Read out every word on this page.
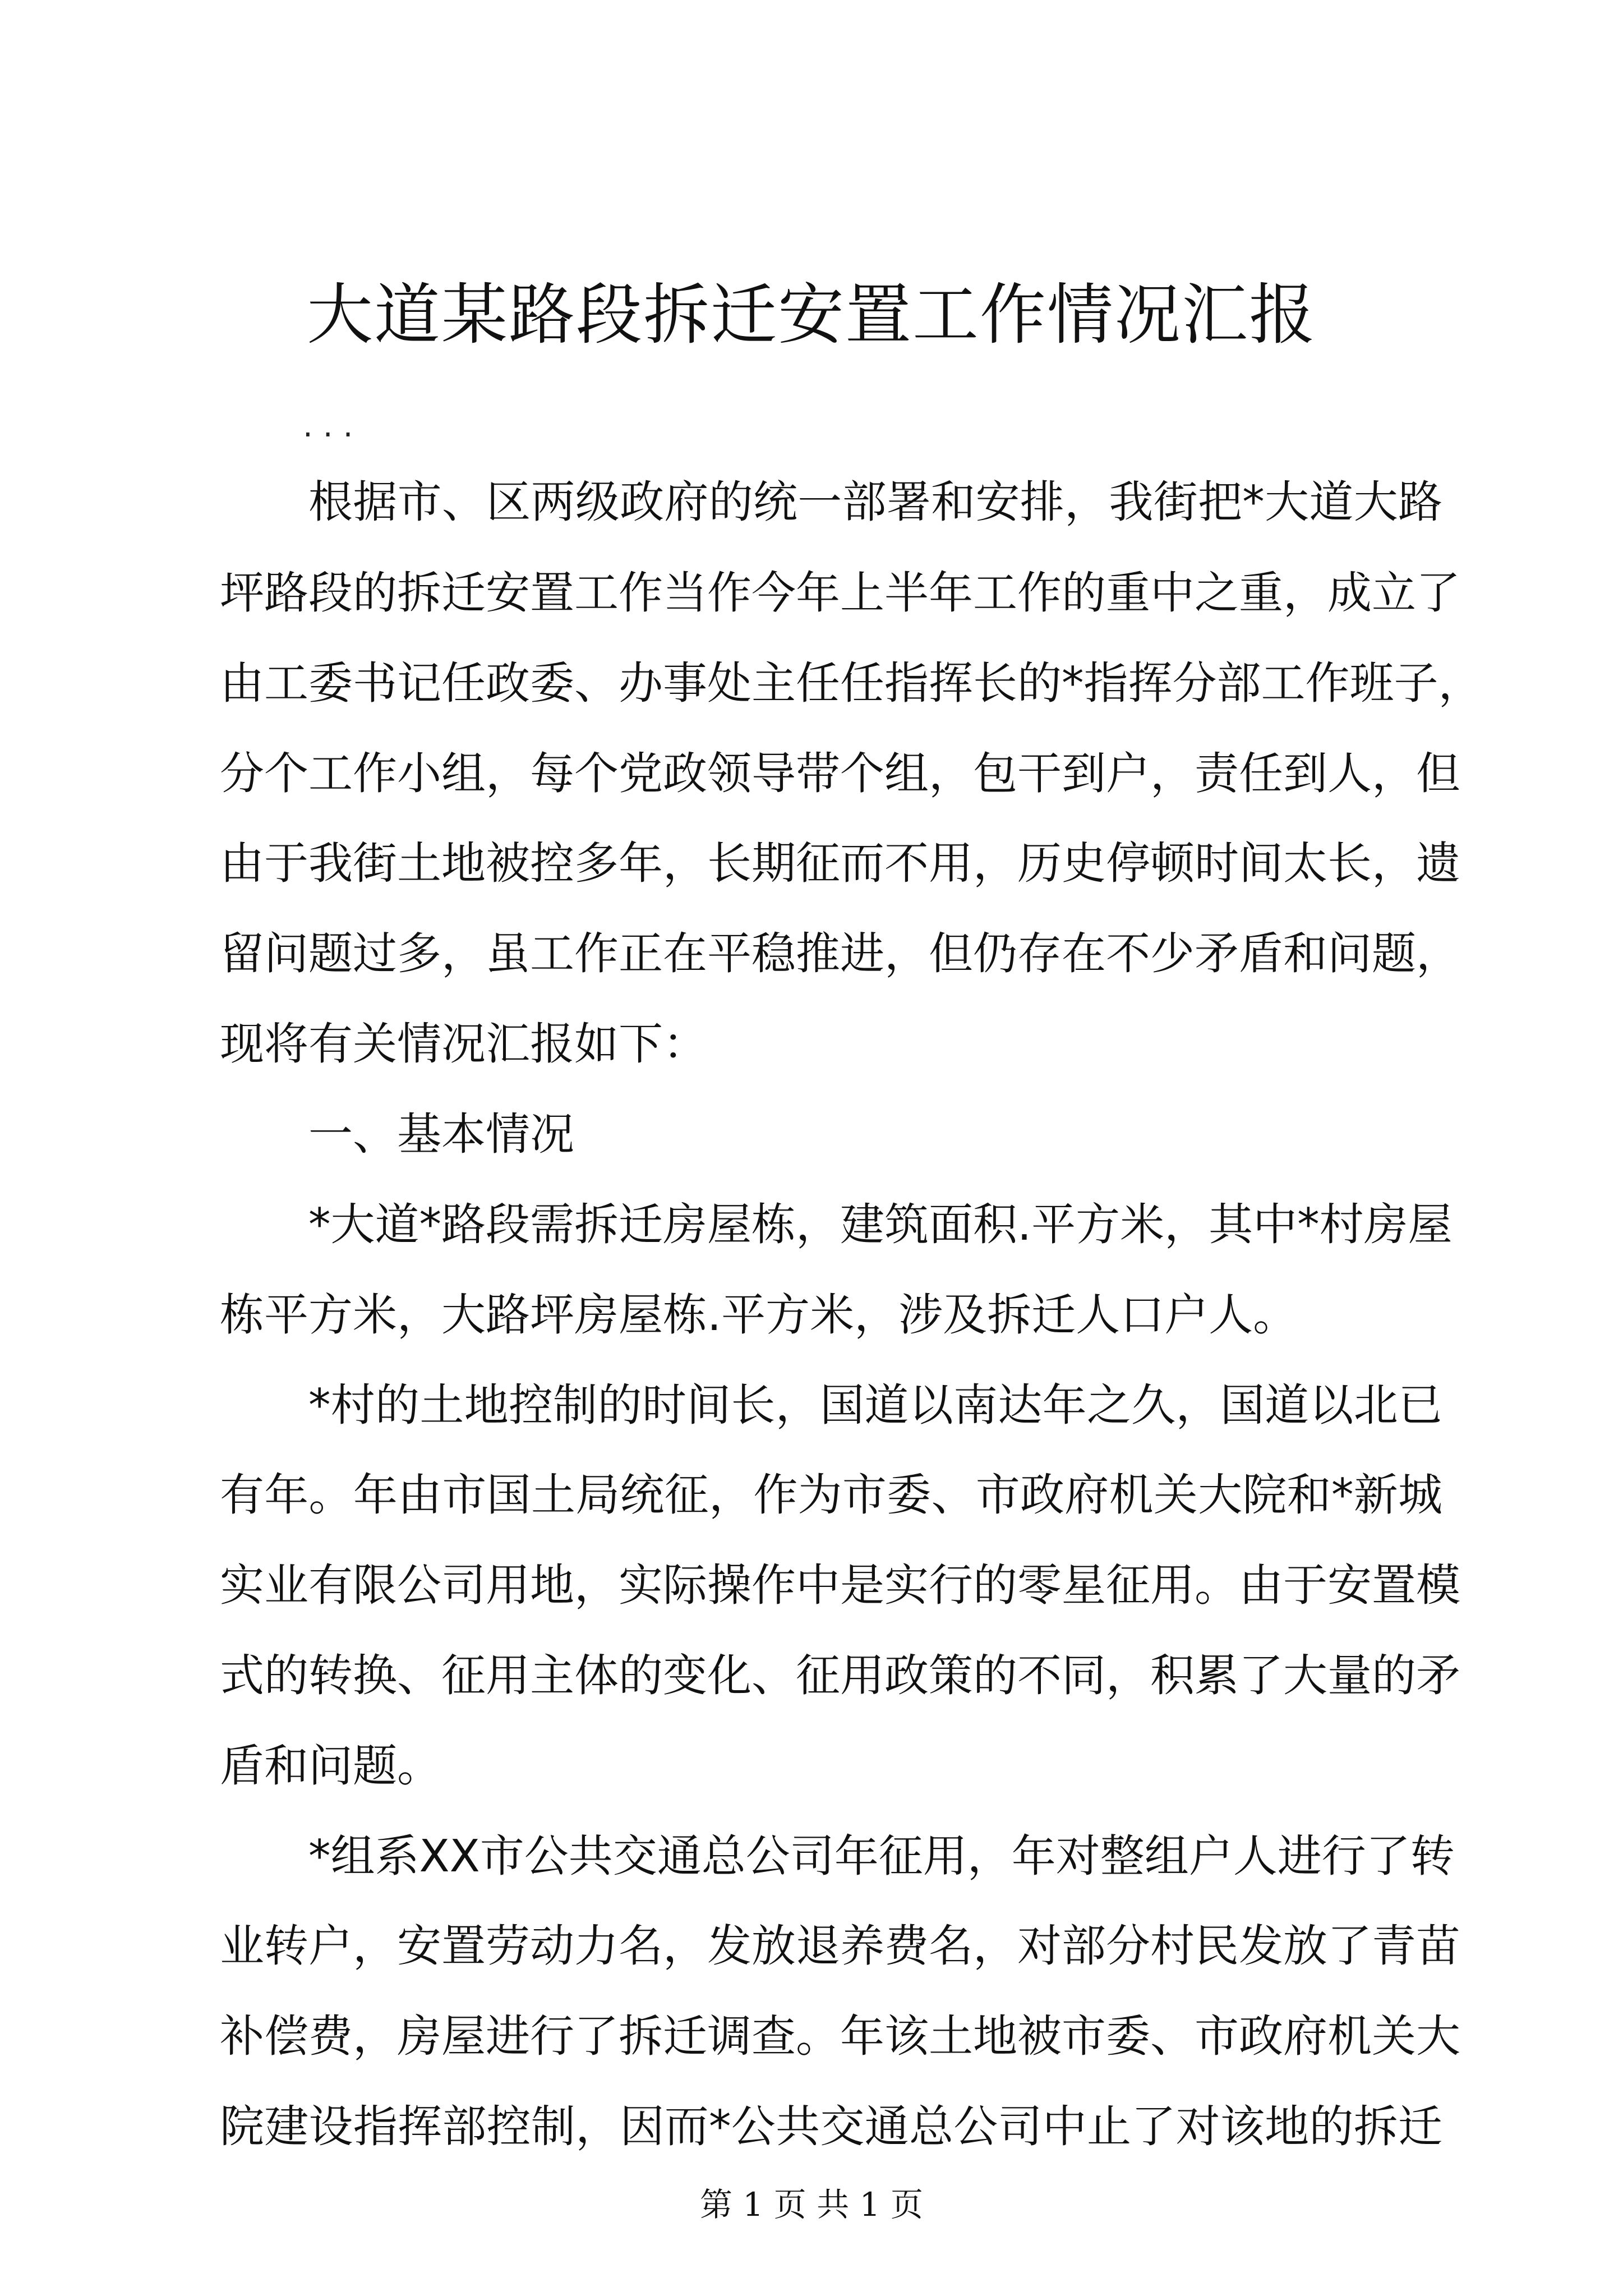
大道某路段拆迁安置工作情况汇报
...
根据市、区两级政府的统一部署和安排，我街把*大道大路
坪路段的拆迁安置工作当作今年上半年工作的重中之重，成立了
由工委书记任政委、办事处主任任指挥长的*指挥分部工作班子，
分个工作小组，每个党政领导带个组，包干到户，责任到人，但
由于我街土地被控多年，长期征而不用，历史停顿时间太长，遗
留问题过多，虽工作正在平稳推进，但仍存在不少矛盾和问题，
现将有关情况汇报如下：
一、基本情况
*大道*路段需拆迁房屋栋，建筑面积.平方米，其中*村房屋
栋平方米，大路坪房屋栋.平方米，涉及拆迁人口户人。
*村的土地控制的时间长，国道以南达年之久，国道以北已
有年。年由市国土局统征，作为市委、市政府机关大院和*新城
实业有限公司用地，实际操作中是实行的零星征用。由于安置模
式的转换、征用主体的变化、征用政策的不同，积累了大量的矛
盾和问题。
*组系XX市公共交通总公司年征用，年对整组户人进行了转
业转户，安置劳动力名，发放退养费名，对部分村民发放了青苗
补偿费，房屋进行了拆迁调查。年该土地被市委、市政府机关大
院建设指挥部控制，因而*公共交通总公司中止了对该地的拆迁
第 1 页 共 1 页
